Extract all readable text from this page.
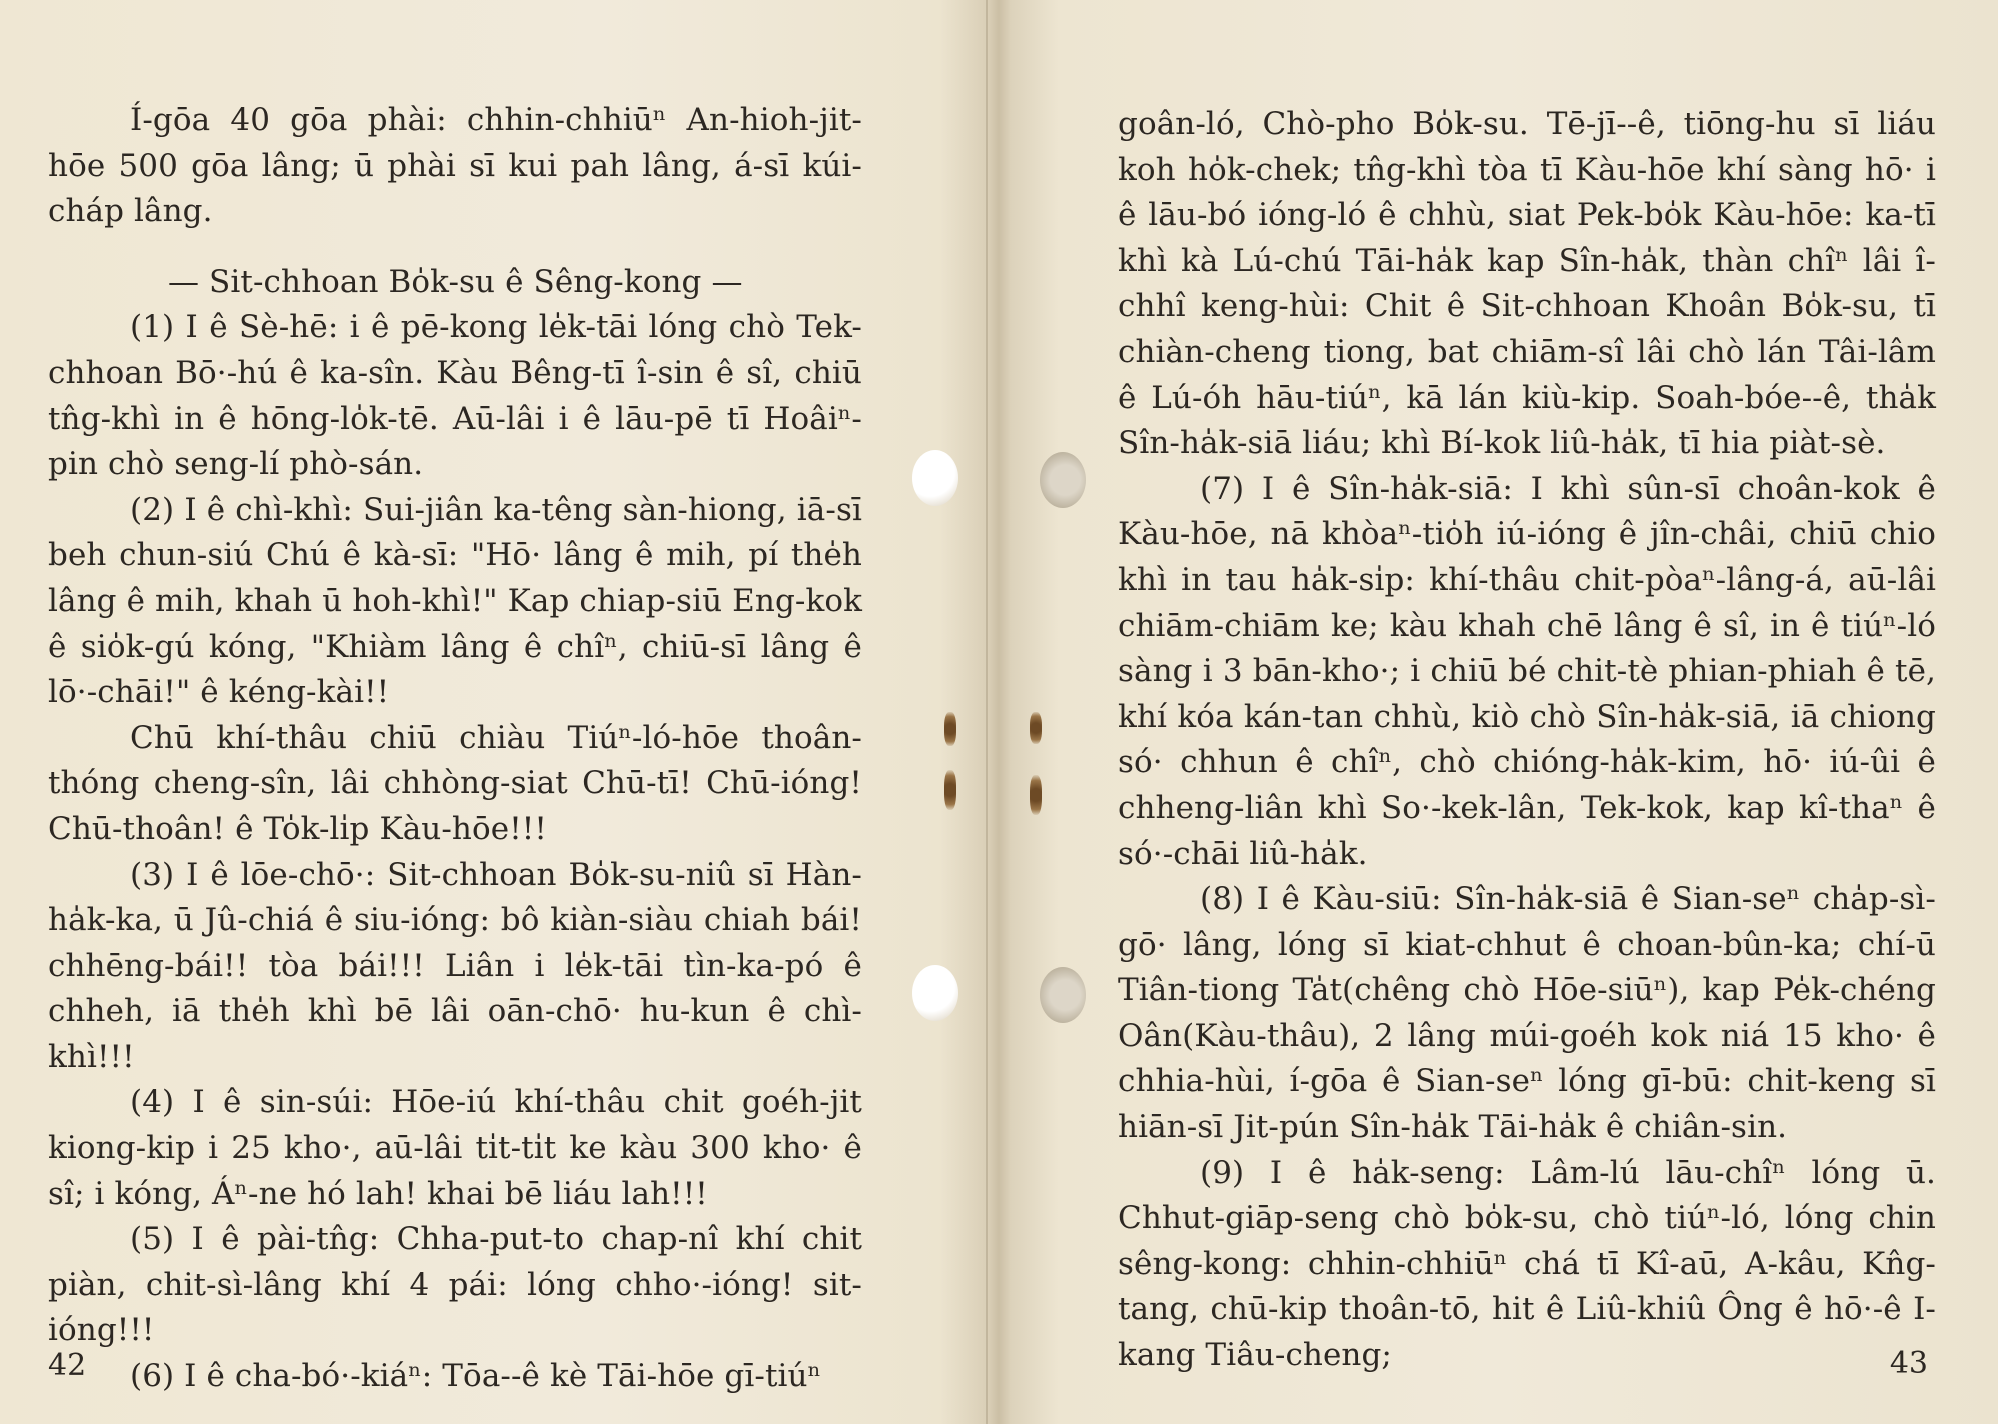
Í-gōa 40 gōa phài: chhin-chhiūⁿ An-hioh-jit-hōe 500 gōa lâng; ū phài sī kui pah lâng, á-sī kúi-cháp lâng.

— Sit-chhoan Bo̍k-su ê Sêng-kong —

(1) I ê Sè-hē: i ê pē-kong le̍k-tāi lóng chò Tek-chhoan Bō·-hú ê ka-sîn. Kàu Bêng-tī î-sin ê sî, chiū tn̂g-khì in ê hōng-lo̍k-tē. Aū-lâi i ê lāu-pē tī Hoâiⁿ-pin chò seng-lí phò-sán.

(2) I ê chì-khì: Sui-jiân ka-têng sàn-hiong, iā-sī beh chun-siú Chú ê kà-sī: "Hō· lâng ê mih, pí the̍h lâng ê mih, khah ū hoh-khì!" Kap chiap-siū Eng-kok ê sio̍k-gú kóng, "Khiàm lâng ê chîⁿ, chiū-sī lâng ê lō·-chāi!" ê kéng-kài!!

Chū khí-thâu chiū chiàu Tiúⁿ-ló-hōe thoân-thóng cheng-sîn, lâi chhòng-siat Chū-tī! Chū-ióng! Chū-thoân! ê To̍k-li̍p Kàu-hōe!!!

(3) I ê lōe-chō·: Sit-chhoan Bo̍k-su-niû sī Hàn-ha̍k-ka, ū Jû-chiá ê siu-ióng: bô kiàn-siàu chiah bái! chhēng-bái!! tòa bái!!! Liân i le̍k-tāi tìn-ka-pó ê chheh, iā the̍h khì bē lâi oān-chō· hu-kun ê chì-khì!!!

(4) I ê sin-súi: Hōe-iú khí-thâu chit goéh-jit kiong-kip i 25 kho·, aū-lâi ti̍t-ti̍t ke kàu 300 kho· ê sî; i kóng, Áⁿ-ne hó lah! khai bē liáu lah!!!

(5) I ê pài-tn̂g: Chha-put-to chap-nî khí chit piàn, chit-sì-lâng khí 4 pái: lóng chho·-ióng! sit-ióng!!!

(6) I ê cha-bó·-kiáⁿ: Tōa--ê kè Tāi-hōe gī-tiúⁿ

42

goân-ló, Chò-pho Bo̍k-su. Tē-jī--ê, tiōng-hu sī liáu koh ho̍k-chek; tn̂g-khì tòa tī Kàu-hōe khí sàng hō· i ê lāu-bó ióng-ló ê chhù, siat Pek-bo̍k Kàu-hōe: ka-tī khì kà Lú-chú Tāi-ha̍k kap Sîn-ha̍k, thàn chîⁿ lâi î-chhî keng-hùi: Chit ê Sit-chhoan Khoân Bo̍k-su, tī chiàn-cheng tiong, bat chiām-sî lâi chò lán Tâi-lâm ê Lú-óh hāu-tiúⁿ, kā lán kiù-kip. Soah-bóe--ê, tha̍k Sîn-ha̍k-siā liáu; khì Bí-kok liû-ha̍k, tī hia piàt-sè.

(7) I ê Sîn-ha̍k-siā: I khì sûn-sī choân-kok ê Kàu-hōe, nā khòaⁿ-tio̍h iú-ióng ê jîn-châi, chiū chio khì in tau ha̍k-si̍p: khí-thâu chit-pòaⁿ-lâng-á, aū-lâi chiām-chiām ke; kàu khah chē lâng ê sî, in ê tiúⁿ-ló sàng i 3 bān-kho·; i chiū bé chit-tè phian-phiah ê tē, khí kóa kán-tan chhù, kiò chò Sîn-ha̍k-siā, iā chiong só· chhun ê chîⁿ, chò chióng-ha̍k-kim, hō· iú-ûi ê chheng-liân khì So·-kek-lân, Tek-kok, kap kî-thaⁿ ê só·-chāi liû-ha̍k.

(8) I ê Kàu-siū: Sîn-ha̍k-siā ê Sian-seⁿ cha̍p-sì-gō· lâng, lóng sī kiat-chhut ê choan-bûn-ka; chí-ū Tiân-tiong Ta̍t(chêng chò Hōe-siūⁿ), kap Pe̍k-chéng Oân(Kàu-thâu), 2 lâng múi-goéh kok niá 15 kho· ê chhia-hùi, í-gōa ê Sian-seⁿ lóng gī-bū: chit-keng sī hiān-sī Jit-pún Sîn-ha̍k Tāi-ha̍k ê chiân-sin.

(9) I ê ha̍k-seng: Lâm-lú lāu-chîⁿ lóng ū. Chhut-giāp-seng chò bo̍k-su, chò tiúⁿ-ló, lóng chin sêng-kong: chhin-chhiūⁿ chá tī Kî-aū, A-kâu, Kn̂g-tang, chū-kip thoân-tō, hit ê Liû-khiû Ông ê hō·-ê I-kang Tiâu-cheng;	43
